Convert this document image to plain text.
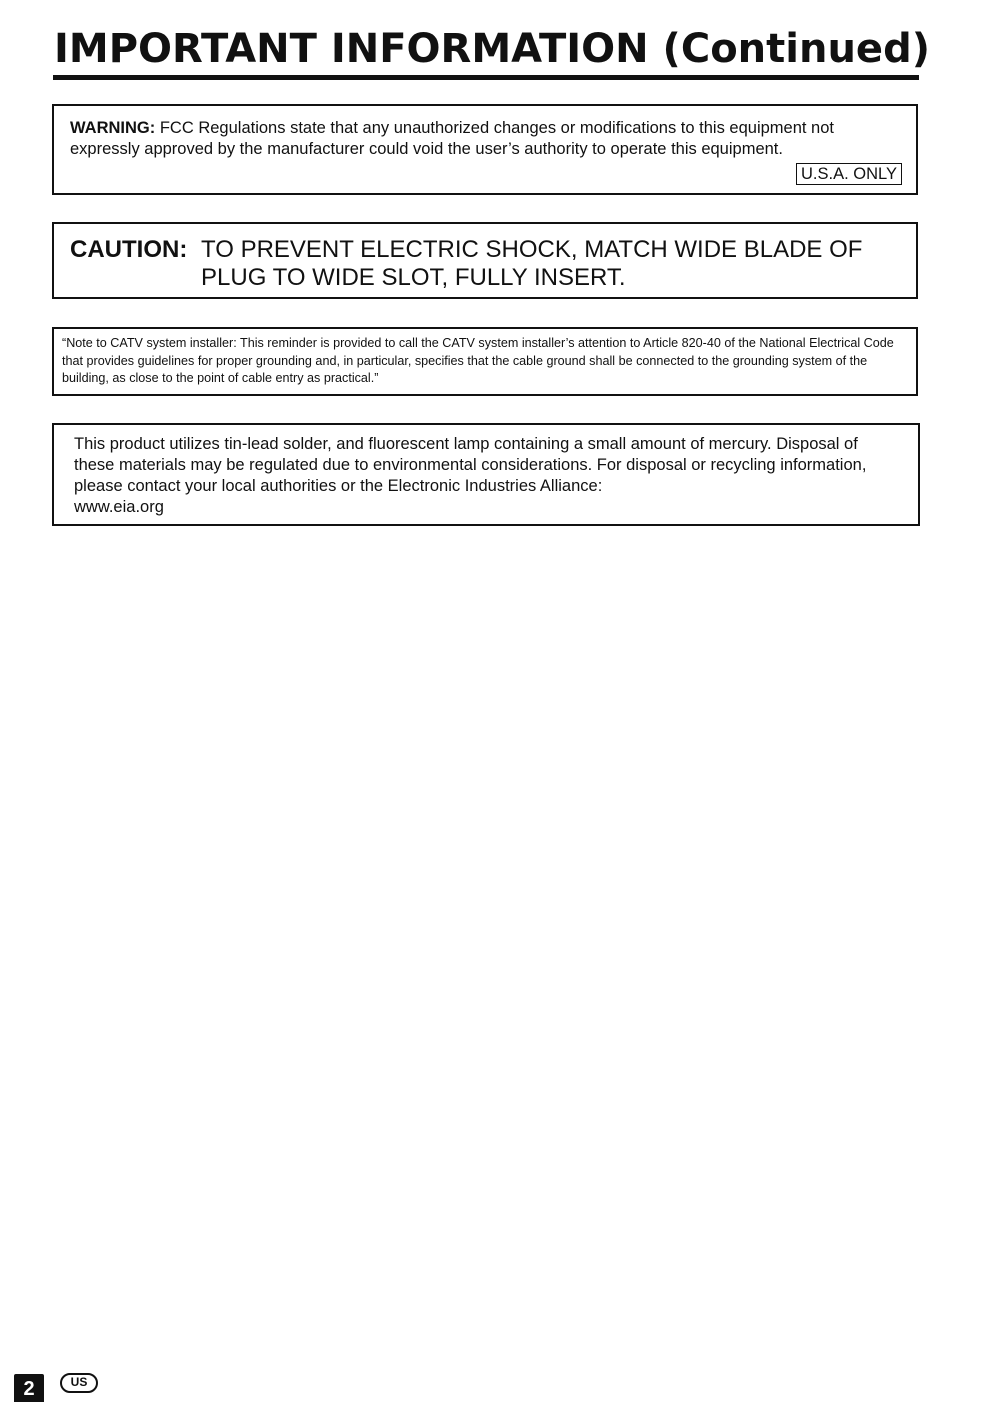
IMPORTANT INFORMATION (Continued)
WARNING: FCC Regulations state that any unauthorized changes or modifications to this equipment not expressly approved by the manufacturer could void the user’s authority to operate this equipment.
U.S.A. ONLY
CAUTION: TO PREVENT ELECTRIC SHOCK, MATCH WIDE BLADE OF PLUG TO WIDE SLOT, FULLY INSERT.
“Note to CATV system installer: This reminder is provided to call the CATV system installer’s attention to Article 820-40 of the National Electrical Code that provides guidelines for proper grounding and, in particular, specifies that the cable ground shall be connected to the grounding system of the building, as close to the point of cable entry as practical.”
This product utilizes tin-lead solder, and fluorescent lamp containing a small amount of mercury. Disposal of these materials may be regulated due to environmental considerations. For disposal or recycling information, please contact your local authorities or the Electronic Industries Alliance:
www.eia.org
2	US
